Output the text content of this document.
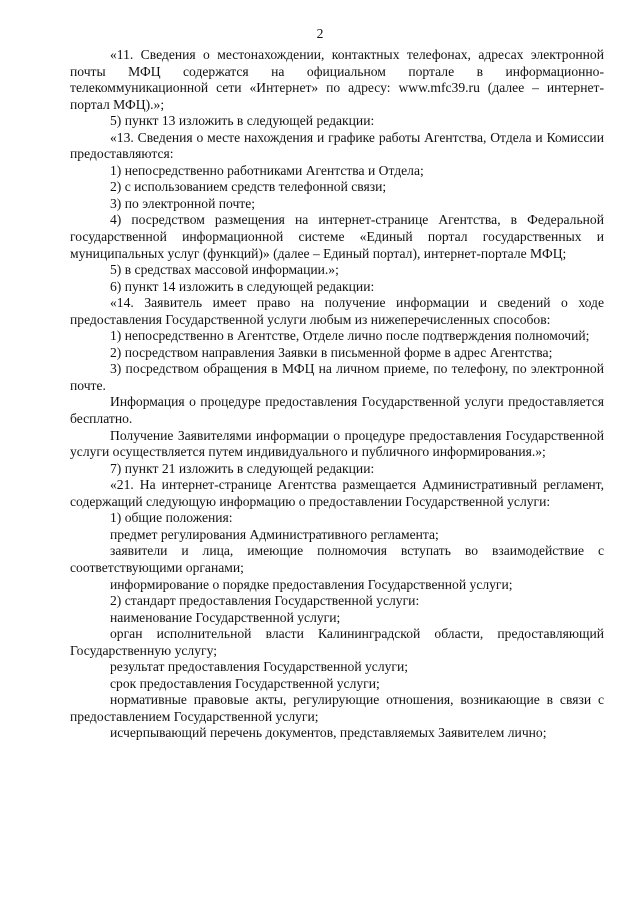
2

«11. Сведения о местонахождении, контактных телефонах, адресах электронной почты МФЦ содержатся на официальном портале в информационно-телекоммуникационной сети «Интернет» по адресу: www.mfc39.ru (далее – интернет-портал МФЦ).»;

5) пункт 13 изложить в следующей редакции:

«13. Сведения о месте нахождения и графике работы Агентства, Отдела и Комиссии предоставляются:

1) непосредственно работниками Агентства и Отдела;

2) с использованием средств телефонной связи;

3) по электронной почте;

4) посредством размещения на интернет-странице Агентства, в Федеральной государственной информационной системе «Единый портал государственных и муниципальных услуг (функций)» (далее – Единый портал), интернет-портале МФЦ;

5) в средствах массовой информации.»;

6) пункт 14 изложить в следующей редакции:

«14. Заявитель имеет право на получение информации и сведений о ходе предоставления Государственной услуги любым из нижеперечисленных способов:

1) непосредственно в Агентстве, Отделе лично после подтверждения полномочий;

2) посредством направления Заявки в письменной форме в адрес Агентства;

3) посредством обращения в МФЦ на личном приеме, по телефону, по электронной почте.

Информация о процедуре предоставления Государственной услуги предоставляется бесплатно.

Получение Заявителями информации о процедуре предоставления Государственной услуги осуществляется путем индивидуального и публичного информирования.»;

7) пункт 21 изложить в следующей редакции:

«21. На интернет-странице Агентства размещается Административный регламент, содержащий следующую информацию о предоставлении Государственной услуги:

1) общие положения:

предмет регулирования Административного регламента;

заявители и лица, имеющие полномочия вступать во взаимодействие с соответствующими органами;

информирование о порядке предоставления Государственной услуги;

2) стандарт предоставления Государственной услуги:

наименование Государственной услуги;

орган исполнительной власти Калининградской области, предоставляющий Государственную услугу;

результат предоставления Государственной услуги;

срок предоставления Государственной услуги;

нормативные правовые акты, регулирующие отношения, возникающие в связи с предоставлением Государственной услуги;

исчерпывающий перечень документов, представляемых Заявителем лично;
